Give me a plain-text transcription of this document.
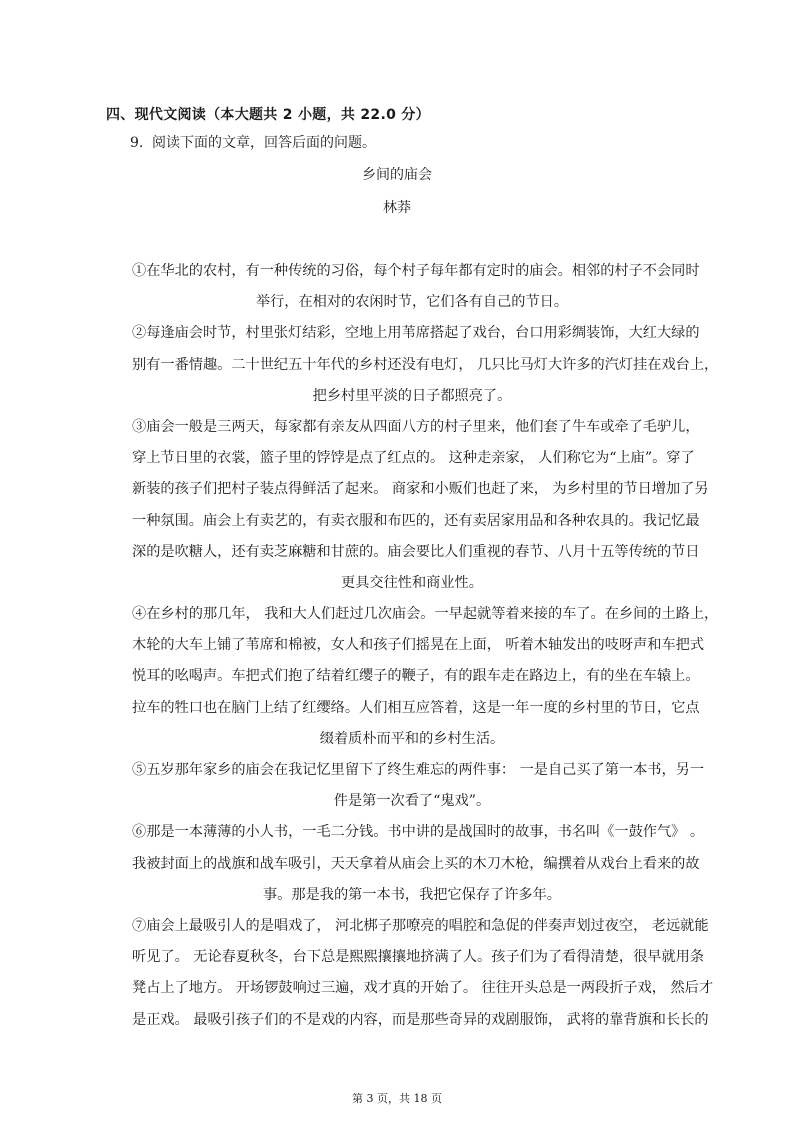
四、现代文阅读（本大题共 2 小题，共 22.0 分）
9. 阅读下面的文章，回答后面的问题。
乡间的庙会
林莽
①在华北的农村，有一种传统的习俗，每个村子每年都有定时的庙会。相邻的村子不会同时
举行，在相对的农闲时节，它们各有自己的节日。
②每逢庙会时节，村里张灯结彩，空地上用苇席搭起了戏台，台口用彩绸装饰，大红大绿的
别有一番情趣。二十世纪五十年代的乡村还没有电灯， 几只比马灯大许多的汽灯挂在戏台上，
把乡村里平淡的日子都照亮了。
③庙会一般是三两天，每家都有亲友从四面八方的村子里来，他们套了牛车或牵了毛驴儿，
穿上节日里的衣裳，篮子里的饽饽是点了红点的。 这种走亲家， 人们称它为“上庙”。穿了
新装的孩子们把村子装点得鲜活了起来。 商家和小贩们也赶了来， 为乡村里的节日增加了另
一种氛围。庙会上有卖艺的，有卖衣服和布匹的，还有卖居家用品和各种农具的。我记忆最
深的是吹糖人，还有卖芝麻糖和甘蔗的。庙会要比人们重视的春节、八月十五等传统的节日
更具交往性和商业性。
④在乡村的那几年， 我和大人们赶过几次庙会。一早起就等着来接的车了。在乡间的土路上，
木轮的大车上铺了苇席和棉被，女人和孩子们摇晃在上面， 听着木轴发出的吱呀声和车把式
悦耳的吆喝声。车把式们抱了结着红缨子的鞭子，有的跟车走在路边上，有的坐在车辕上。
拉车的牲口也在脑门上结了红缨络。人们相互应答着，这是一年一度的乡村里的节日，它点
缀着质朴而平和的乡村生活。
⑤五岁那年家乡的庙会在我记忆里留下了终生难忘的两件事： 一是自己买了第一本书，另一
件是第一次看了“鬼戏”。
⑥那是一本薄薄的小人书，一毛二分钱。书中讲的是战国时的故事，书名叫《一鼓作气》 。
我被封面上的战旗和战车吸引，天天拿着从庙会上买的木刀木枪，编撰着从戏台上看来的故
事。那是我的第一本书，我把它保存了许多年。
⑦庙会上最吸引人的是唱戏了， 河北梆子那嘹亮的唱腔和急促的伴奏声划过夜空， 老远就能
听见了。 无论春夏秋冬，台下总是熙熙攘攘地挤满了人。孩子们为了看得清楚，很早就用条
凳占上了地方。 开场锣鼓响过三遍，戏才真的开始了。 往往开头总是一两段折子戏， 然后才
是正戏。 最吸引孩子们的不是戏的内容，而是那些奇异的戏剧服饰， 武将的靠背旗和长长的
第 3 页，共 18 页
